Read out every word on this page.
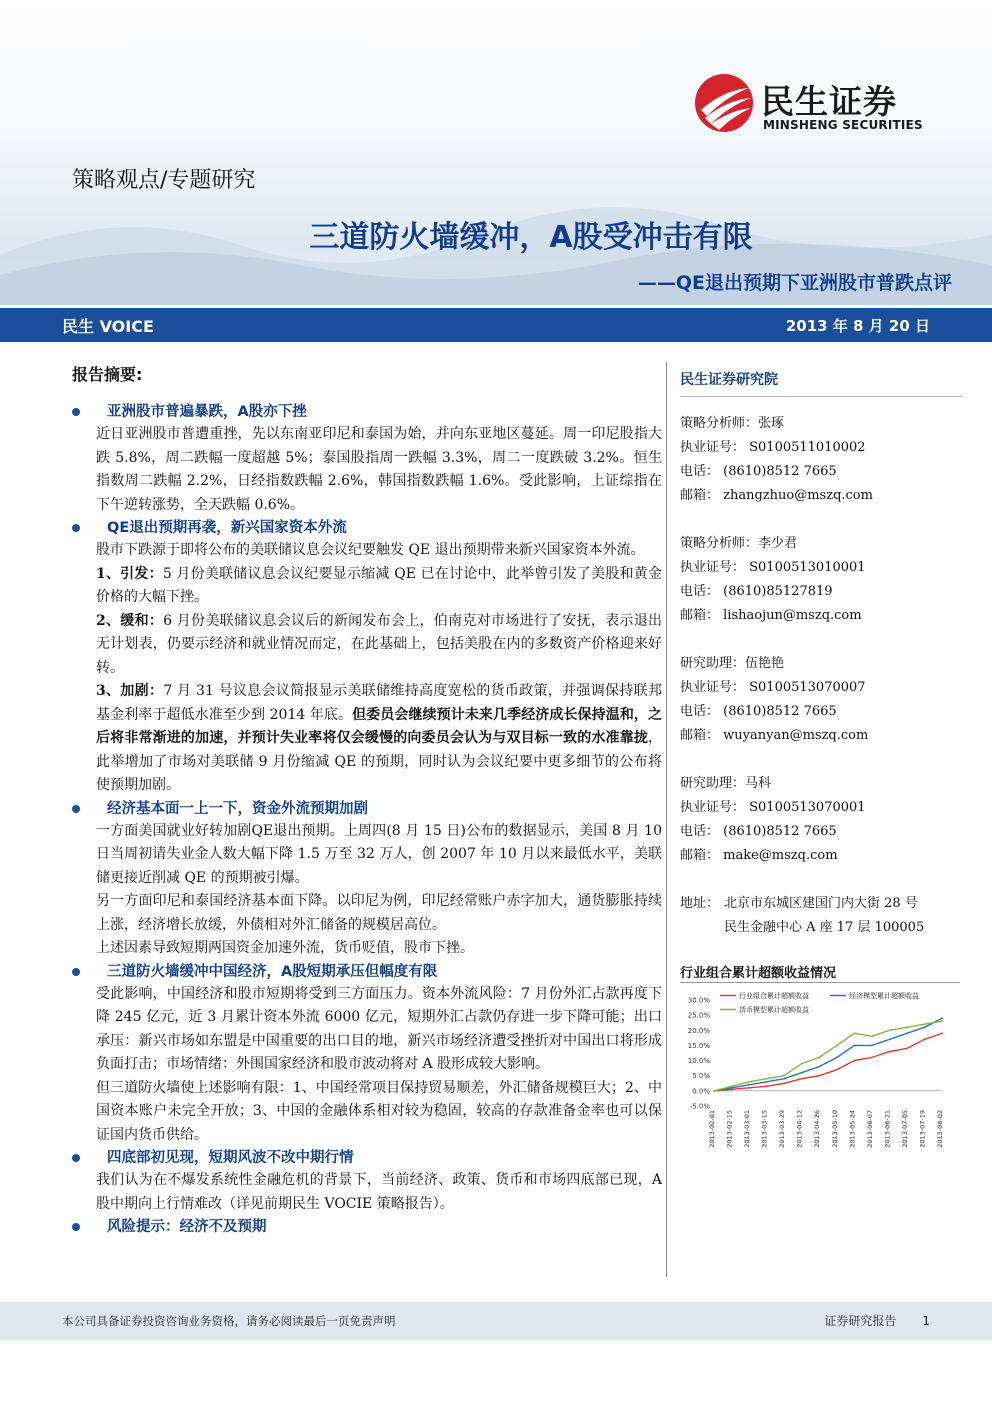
民生证券
MINSHENG SECURITIES
策略观点/专题研究
三道防火墙缓冲，A股受冲击有限
——QE退出预期下亚洲股市普跌点评
民生 VOICE	2013 年 8 月 20 日
报告摘要:
亚洲股市普遍暴跌，A股亦下挫

近日亚洲股市普遭重挫，先以东南亚印尼和泰国为始，并向东亚地区蔓延。周一印尼股指大跌 5.8%，周二跌幅一度超越 5%；泰国股指周一跌幅 3.3%，周二一度跌破 3.2%。恒生指数周二跌幅 2.2%，日经指数跌幅 2.6%，韩国指数跌幅 1.6%。受此影响，上证综指在下午逆转涨势，全天跌幅 0.6%。

QE退出预期再袭，新兴国家资本外流

股市下跌源于即将公布的美联储议息会议纪要触发 QE 退出预期带来新兴国家资本外流。

1、引发：5 月份美联储议息会议纪要显示缩减 QE 已在讨论中，此举曾引发了美股和黄金价格的大幅下挫。

2、缓和：6 月份美联储议息会议后的新闻发布会上，伯南克对市场进行了安抚，表示退出无计划表，仍要示经济和就业情况而定，在此基础上，包括美股在内的多数资产价格迎来好转。

3、加剧：7 月 31 号议息会议简报显示美联储维持高度宽松的货币政策，并强调保持联邦基金利率于超低水准至少到 2014 年底。但委员会继续预计未来几季经济成长保持温和，之后将非常渐进的加速，并预计失业率将仅会缓慢的向委员会认为与双目标一致的水准靠拢，此举增加了市场对美联储 9 月份缩减 QE 的预期，同时认为会议纪要中更多细节的公布将使预期加剧。

经济基本面一上一下，资金外流预期加剧

一方面美国就业好转加剧QE退出预期。上周四(8 月 15 日)公布的数据显示，美国 8 月 10 日当周初请失业金人数大幅下降 1.5 万至 32 万人，创 2007 年 10 月以来最低水平，美联储更接近削减 QE 的预期被引爆。

另一方面印尼和泰国经济基本面下降。以印尼为例，印尼经常账户赤字加大，通货膨胀持续上涨，经济增长放缓，外债相对外汇储备的规模居高位。

上述因素导致短期两国资金加速外流，货币贬值，股市下挫。

三道防火墙缓冲中国经济，A股短期承压但幅度有限

受此影响，中国经济和股市短期将受到三方面压力。资本外流风险：7 月份外汇占款再度下降 245 亿元，近 3 月累计资本外流 6000 亿元，短期外汇占款仍存进一步下降可能；出口承压：新兴市场如东盟是中国重要的出口目的地，新兴市场经济遭受挫折对中国出口将形成负面打击；市场情绪：外围国家经济和股市波动将对 A 股形成较大影响。

但三道防火墙使上述影响有限：1、中国经常项目保持贸易顺差，外汇储备规模巨大；2、中国资本账户未完全开放；3、中国的金融体系相对较为稳固，较高的存款准备金率也可以保证国内货币供给。

四底部初见现，短期风波不改中期行情

我们认为在不爆发系统性金融危机的背景下，当前经济、政策、货币和市场四底部已现，A 股中期向上行情难改（详见前期民生 VOCIE 策略报告）。

风险提示：经济不及预期
民生证券研究院
策略分析师：张琢
执业证号： S0100511010002
电话： (8610)8512 7665
邮箱： zhangzhuo@mszq.com
策略分析师：李少君
执业证号： S0100513010001
电话： (8610)85127819
邮箱： lishaojun@mszq.com
研究助理：伍艳艳
执业证号： S0100513070007
电话： (8610)8512 7665
邮箱： wuyanyan@mszq.com
研究助理：马科
执业证号： S0100513070001
电话： (8610)8512 7665
邮箱： make@mszq.com
地址： 北京市东城区建国门内大街 28 号
民生金融中心 A 座 17 层 100005
行业组合累计超额收益情况
30.0%
25.0%
20.0%
15.0%
10.0%
5.0%
0.0%
-5.0%
2013-02-01 2013-02-15 2013-03-01 2013-03-15 2013-03-29 2013-04-12 2013-04-26 2013-05-10 2013-05-24 2013-06-07 2013-06-21 2013-07-05 2013-07-19 2013-08-02
行业组合累计超额收益	经济模型累计超额收益
货币模型累计超额收益
本公司具备证券投资咨询业务资格，请务必阅读最后一页免责声明	证券研究报告 1
